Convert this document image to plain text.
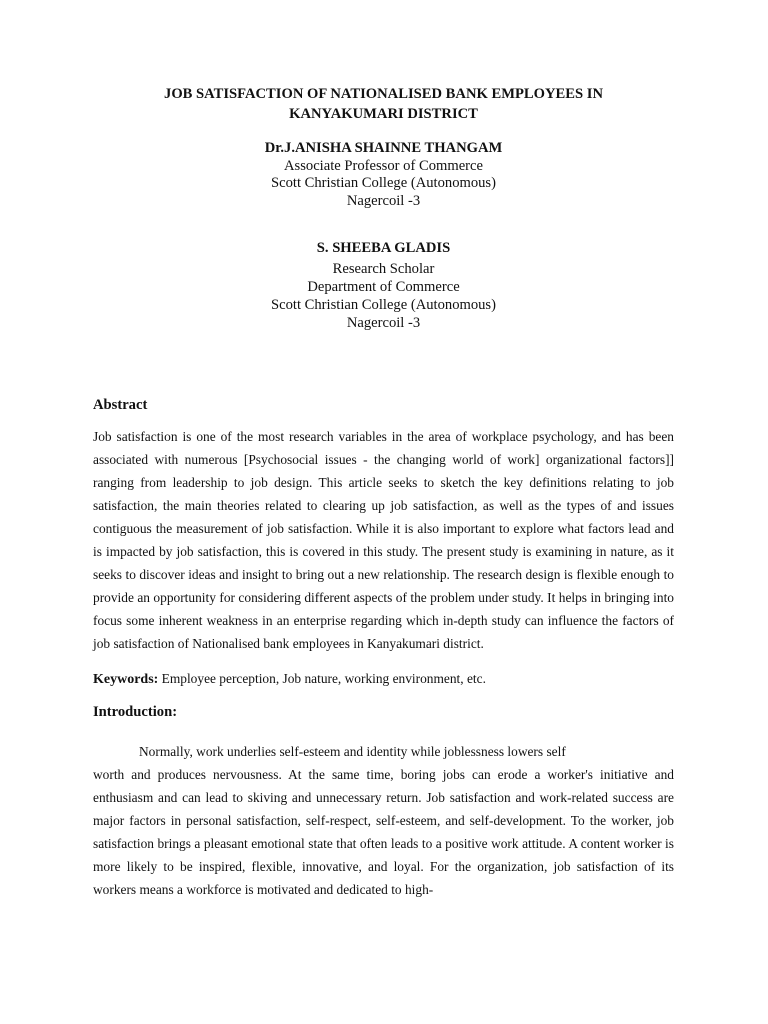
JOB SATISFACTION OF NATIONALISED BANK EMPLOYEES IN
KANYAKUMARI DISTRICT
Dr.J.ANISHA SHAINNE THANGAM
Associate Professor of Commerce
Scott Christian College (Autonomous)
Nagercoil -3
S. SHEEBA GLADIS
Research Scholar
Department of Commerce
Scott Christian College (Autonomous)
Nagercoil -3
Abstract

Job satisfaction is one of the most research variables in the area of workplace psychology, and has been associated with numerous [Psychosocial issues - the changing world of work] organizational factors]] ranging from leadership to job design. This article seeks to sketch the key definitions relating to job satisfaction, the main theories related to clearing up job satisfaction, as well as the types of and issues contiguous the measurement of job satisfaction. While it is also important to explore what factors lead and is impacted by job satisfaction, this is covered in this study. The present study is examining in nature, as it seeks to discover ideas and insight to bring out a new relationship. The research design is flexible enough to provide an opportunity for considering different aspects of the problem under study. It helps in bringing into focus some inherent weakness in an enterprise regarding which in-depth study can influence the factors of job satisfaction of Nationalised bank employees in Kanyakumari district.

Keywords: Employee perception, Job nature, working environment, etc.

Introduction:
Normally, work underlies self-esteem and identity while joblessness lowers self

worth and produces nervousness. At the same time, boring jobs can erode a worker's initiative and enthusiasm and can lead to skiving and unnecessary return. Job satisfaction and work-related success are major factors in personal satisfaction, self-respect, self-esteem, and self-development. To the worker, job satisfaction brings a pleasant emotional state that often leads to a positive work attitude. A content worker is more likely to be inspired, flexible, innovative, and loyal. For the organization, job satisfaction of its workers means a workforce is motivated and dedicated to high-
